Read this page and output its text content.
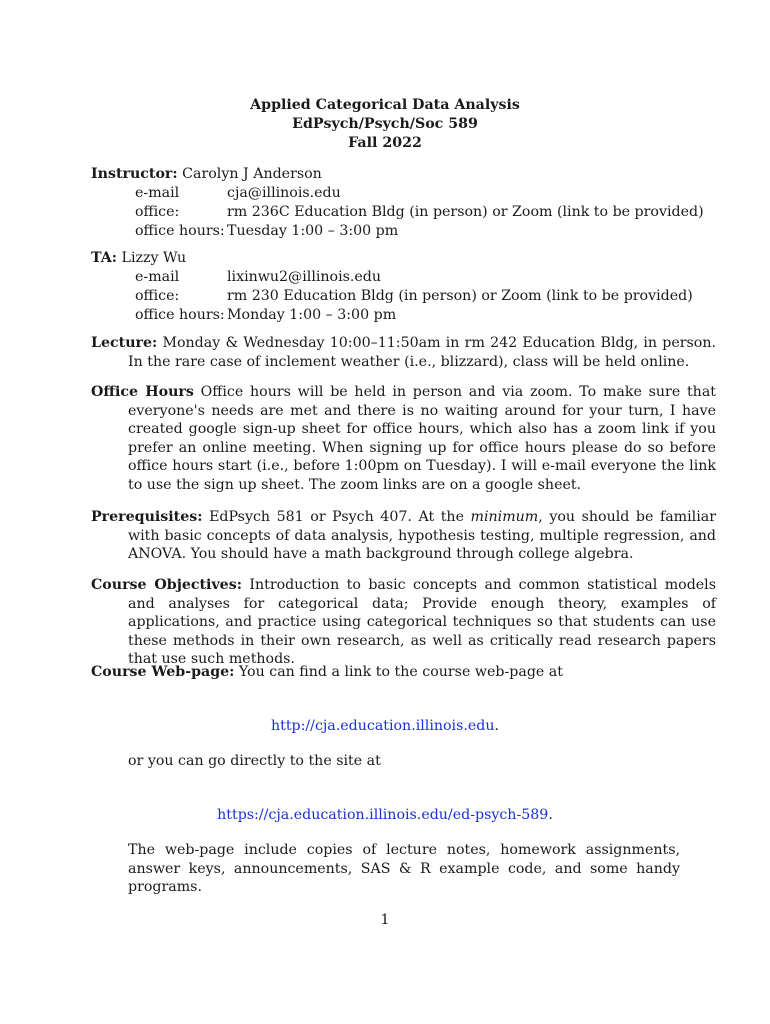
Applied Categorical Data Analysis
EdPsych/Psych/Soc 589
Fall 2022
Instructor: Carolyn J Anderson
e-mail	cja@illinois.edu
office:	rm 236C Education Bldg (in person) or Zoom (link to be provided)
office hours: Tuesday 1:00 – 3:00 pm
TA: Lizzy Wu
e-mail	lixinwu2@illinois.edu
office:	rm 230 Education Bldg (in person) or Zoom (link to be provided)
office hours: Monday 1:00 – 3:00 pm
Lecture: Monday & Wednesday 10:00–11:50am in rm 242 Education Bldg, in person. In the rare case of inclement weather (i.e., blizzard), class will be held online.
Office Hours Office hours will be held in person and via zoom. To make sure that everyone's needs are met and there is no waiting around for your turn, I have created google sign-up sheet for office hours, which also has a zoom link if you prefer an online meeting. When signing up for office hours please do so before office hours start (i.e., before 1:00pm on Tuesday). I will e-mail everyone the link to use the sign up sheet. The zoom links are on a google sheet.
Prerequisites: EdPsych 581 or Psych 407. At the minimum, you should be familiar with basic concepts of data analysis, hypothesis testing, multiple regression, and ANOVA. You should have a math background through college algebra.
Course Objectives: Introduction to basic concepts and common statistical models and analyses for categorical data; Provide enough theory, examples of applications, and practice using categorical techniques so that students can use these methods in their own research, as well as critically read research papers that use such methods.
Course Web-page: You can find a link to the course web-page at
http://cja.education.illinois.edu.
or you can go directly to the site at
https://cja.education.illinois.edu/ed-psych-589.
The web-page include copies of lecture notes, homework assignments, answer keys, announcements, SAS & R example code, and some handy programs.
1
